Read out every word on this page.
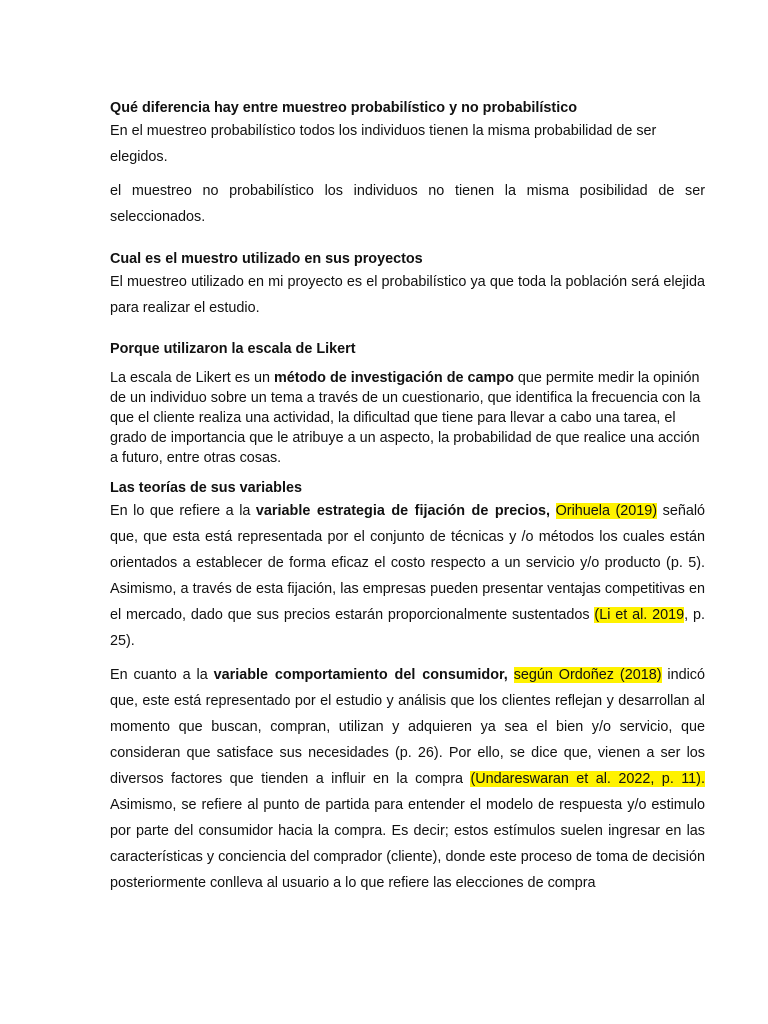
Qué diferencia hay entre muestreo probabilístico y no probabilístico

En el muestreo probabilístico todos los individuos tienen la misma probabilidad de ser elegidos.

el muestreo no probabilístico los individuos no tienen la misma posibilidad de ser seleccionados.

Cual es el muestro utilizado en sus proyectos

El muestreo utilizado en mi proyecto es el probabilístico ya que toda la población será elejida para realizar el estudio.

Porque utilizaron la escala de Likert

La escala de Likert es un método de investigación de campo que permite medir la opinión de un individuo sobre un tema a través de un cuestionario, que identifica la frecuencia con la que el cliente realiza una actividad, la dificultad que tiene para llevar a cabo una tarea, el grado de importancia que le atribuye a un aspecto, la probabilidad de que realice una acción a futuro, entre otras cosas.

Las teorías de sus variables

En lo que refiere a la variable estrategia de fijación de precios, Orihuela (2019) señaló que, que esta está representada por el conjunto de técnicas y /o métodos los cuales están orientados a establecer de forma eficaz el costo respecto a un servicio y/o producto (p. 5). Asimismo, a través de esta fijación, las empresas pueden presentar ventajas competitivas en el mercado, dado que sus precios estarán proporcionalmente sustentados (Li et al. 2019, p. 25).

En cuanto a la variable comportamiento del consumidor, según Ordoñez (2018) indicó que, este está representado por el estudio y análisis que los clientes reflejan y desarrollan al momento que buscan, compran, utilizan y adquieren ya sea el bien y/o servicio, que consideran que satisface sus necesidades (p. 26). Por ello, se dice que, vienen a ser los diversos factores que tienden a influir en la compra (Undareswaran et al. 2022, p. 11). Asimismo, se refiere al punto de partida para entender el modelo de respuesta y/o estimulo por parte del consumidor hacia la compra. Es decir; estos estímulos suelen ingresar en las características y conciencia del comprador (cliente), donde este proceso de toma de decisión posteriormente conlleva al usuario a lo que refiere las elecciones de compra
